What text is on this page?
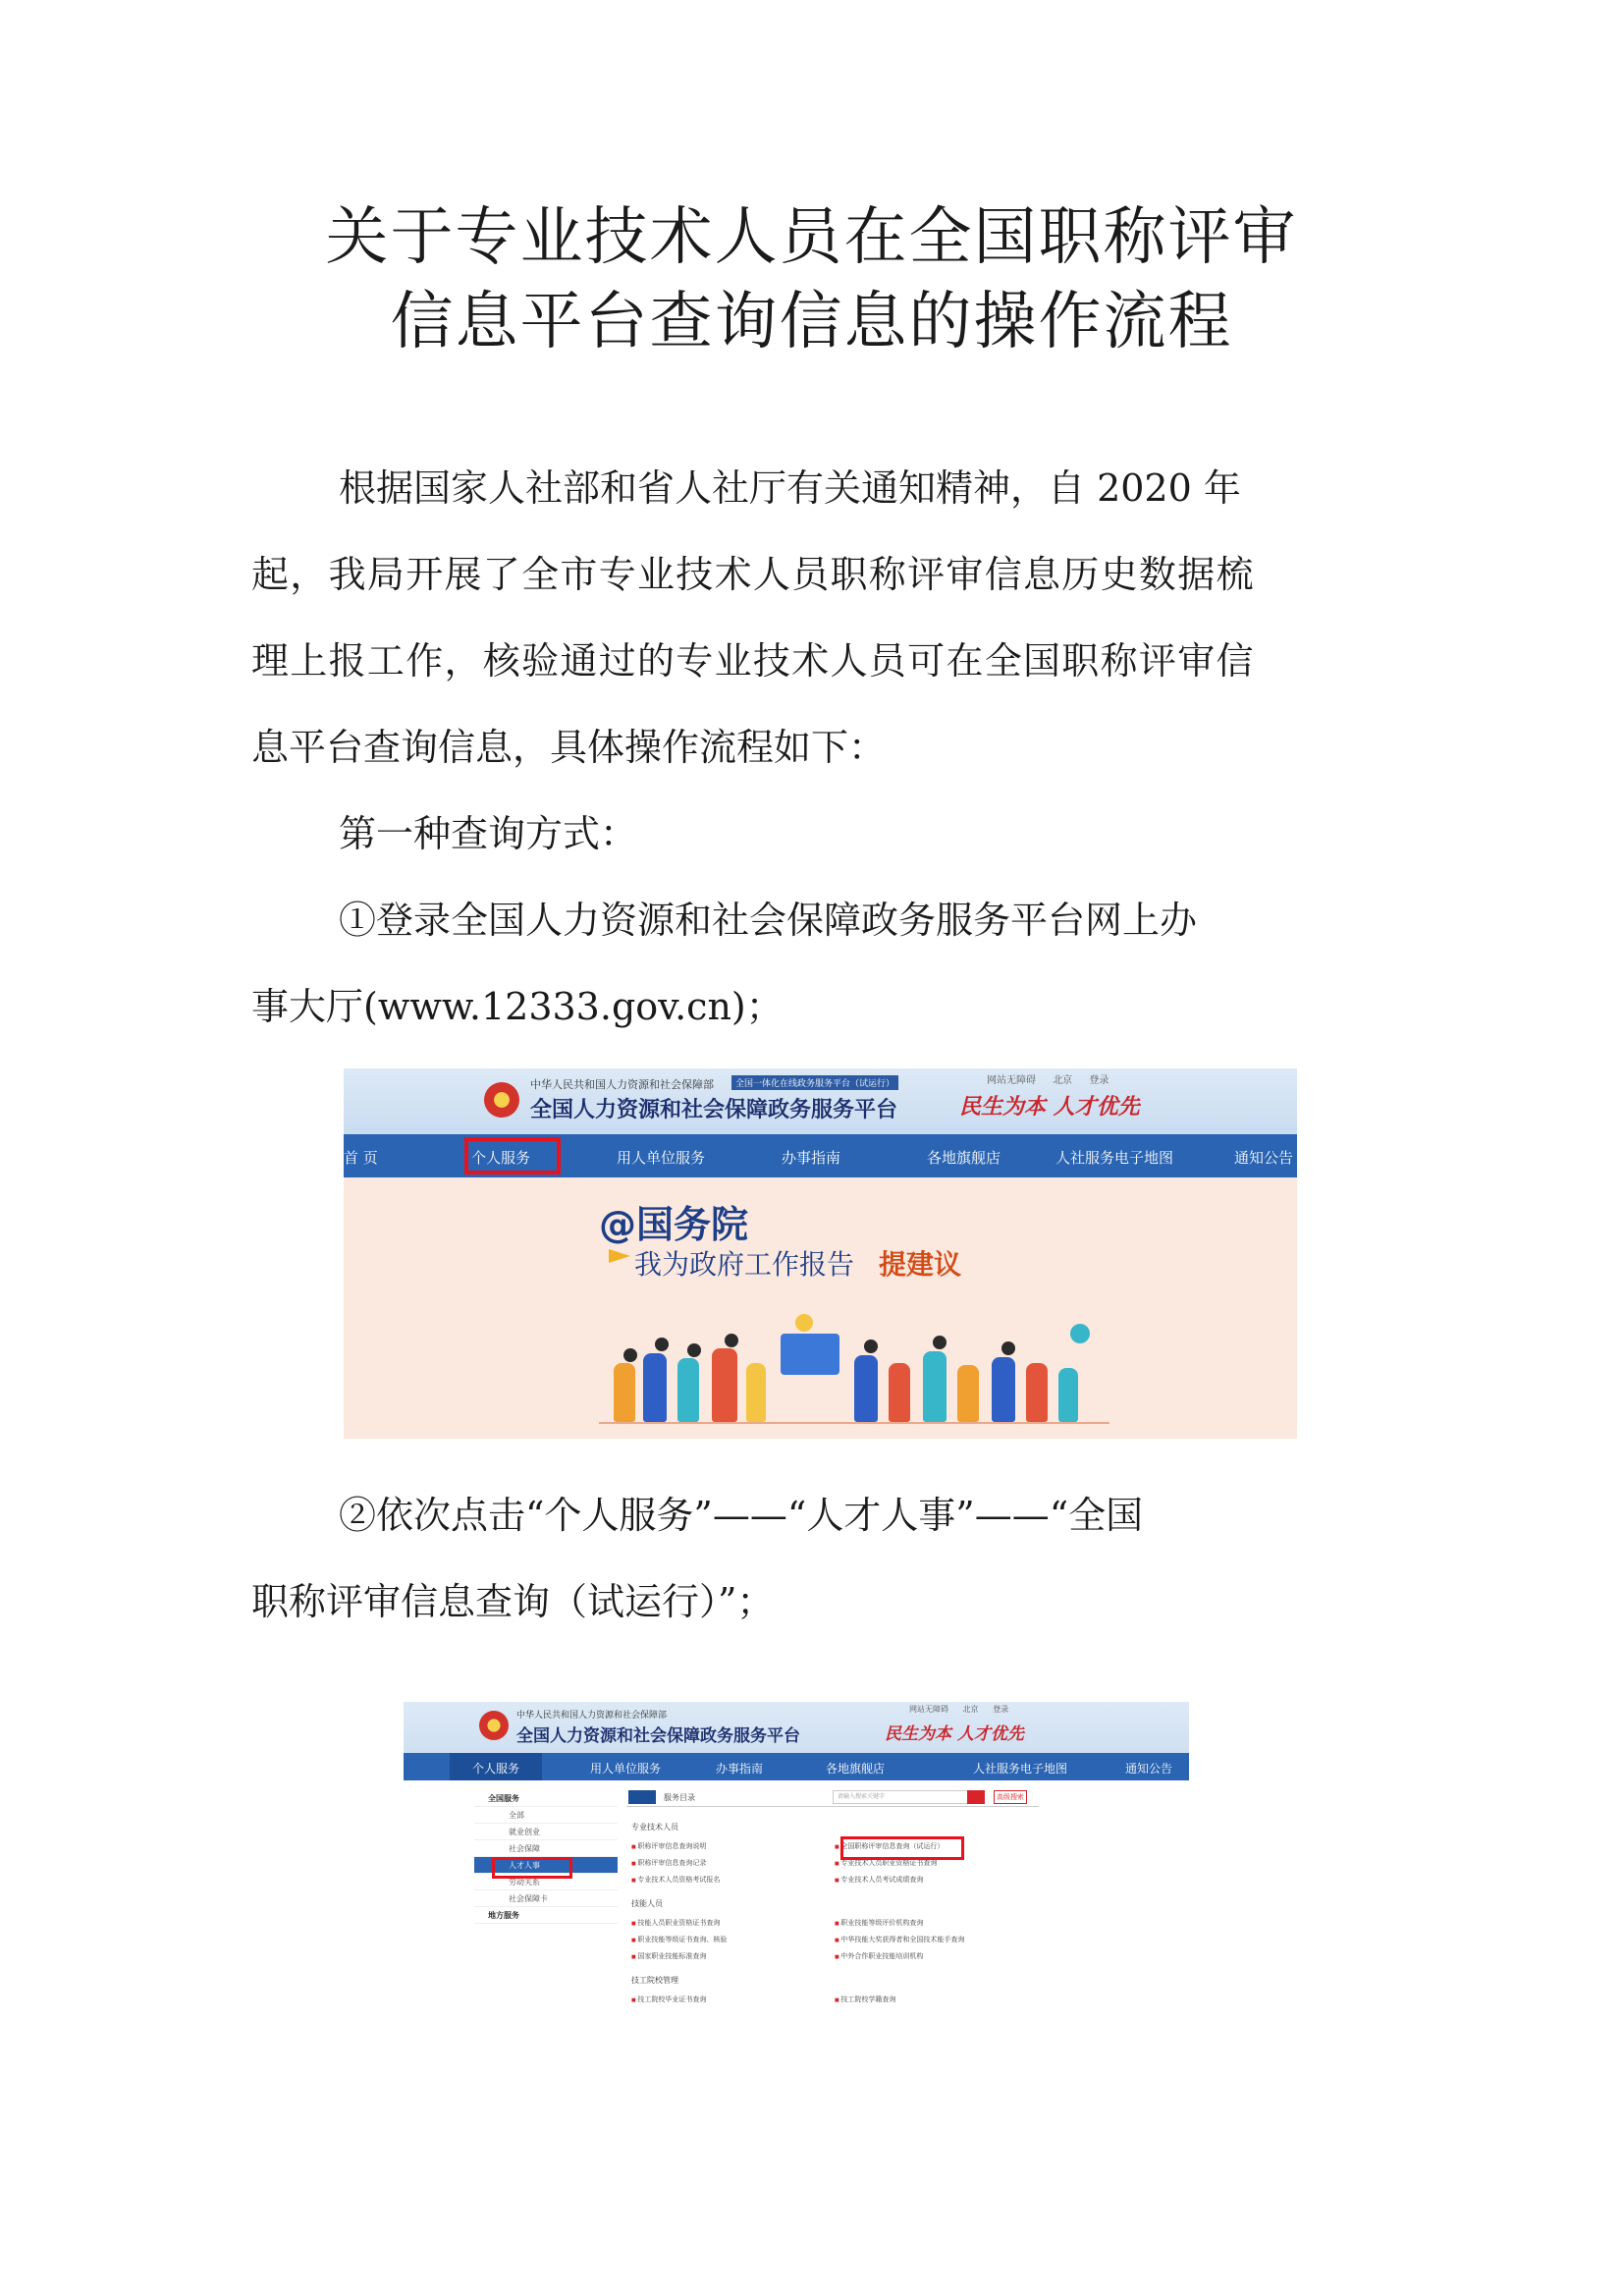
关于专业技术人员在全国职称评审
信息平台查询信息的操作流程
根据国家人社部和省人社厅有关通知精神，自 2020 年
起，我局开展了全市专业技术人员职称评审信息历史数据梳
理上报工作，核验通过的专业技术人员可在全国职称评审信
息平台查询信息，具体操作流程如下：
第一种查询方式：
①登录全国人力资源和社会保障政务服务平台网上办
事大厅(www.12333.gov.cn)；
中华人民共和国人力资源和社会保障部	全国一体化在线政务服务平台（试运行）
全国人力资源和社会保障政务服务平台	民生为本 人才优先
网站无障碍 北京 登录
首 页	个人服务	用人单位服务	办事指南	各地旗舰店	人社服务电子地图	通知公告
@国务院
我为政府工作报告 提建议
②依次点击“个人服务”——“人才人事”——“全国
职称评审信息查询（试运行）”；
中华人民共和国人力资源和社会保障部
全国人力资源和社会保障政务服务平台	民生为本 人才优先
网站无障碍 北京 登录
个人服务	用人单位服务	办事指南	各地旗舰店	人社服务电子地图	通知公告
全国服务
全部
就业创业
社会保障
人才人事
劳动关系
社会保障卡
地方服务
服务目录	请输入搜索关键字	高级搜索
专业技术人员
■ 职称评审信息查询说明
■ 职称评审信息查询记录
■ 专业技术人员资格考试报名
■ 全国职称评审信息查询（试运行）
■ 专业技术人员职业资格证书查询
■ 专业技术人员考试成绩查询
技能人员
■ 技能人员职业资格证书查询
■ 职业技能等级证书查询、核验
■ 国家职业技能标准查询
■ 职业技能等级评价机构查询
■ 中华技能大奖获得者和全国技术能手查询
■ 中外合作职业技能培训机构
技工院校管理
■ 技工院校毕业证书查询
■	技工院校学籍查询
